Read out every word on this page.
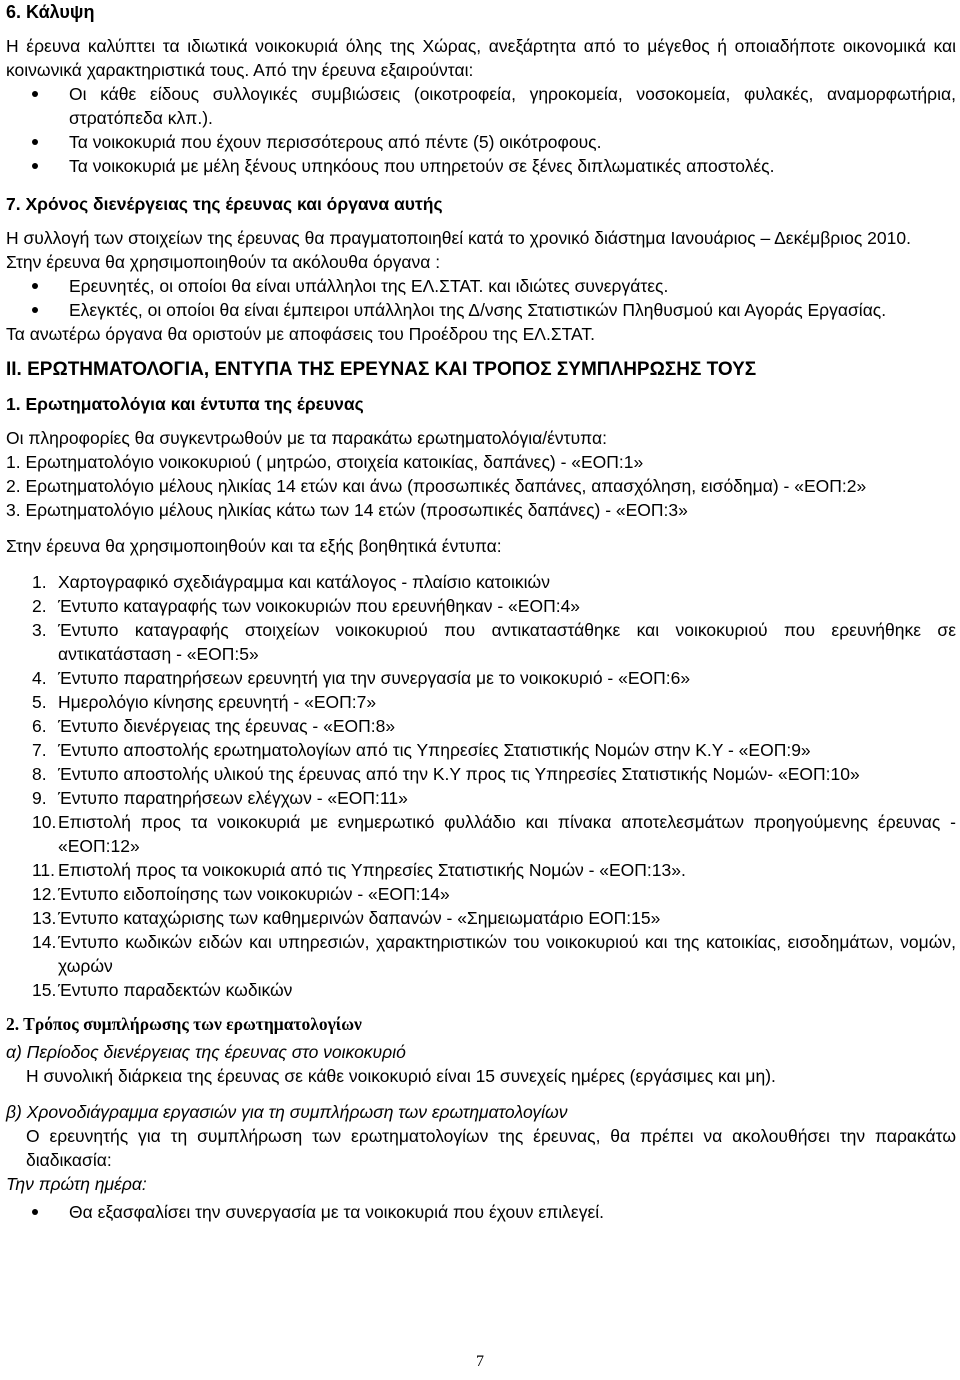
6. Κάλυψη

Η έρευνα καλύπτει τα ιδιωτικά νοικοκυριά όλης της Χώρας, ανεξάρτητα από το μέγεθος ή οποιαδήποτε οικονομικά και κοινωνικά χαρακτηριστικά τους. Από την έρευνα εξαιρούνται:

Οι κάθε είδους συλλογικές συμβιώσεις (οικοτροφεία, γηροκομεία, νοσοκομεία, φυλακές, αναμορφωτήρια, στρατόπεδα κλπ.).
Τα νοικοκυριά που έχουν περισσότερους από πέντε (5) οικότροφους.
Τα νοικοκυριά με μέλη ξένους υπηκόους που υπηρετούν σε ξένες διπλωματικές αποστολές.
7. Χρόνος διενέργειας της έρευνας και όργανα αυτής

Η συλλογή των στοιχείων της έρευνας θα πραγματοποιηθεί κατά το χρονικό διάστημα Ιανουάριος – Δεκέμβριος 2010.

Στην έρευνα θα χρησιμοποιηθούν τα ακόλουθα όργανα :

Ερευνητές, οι οποίοι θα είναι υπάλληλοι της ΕΛ.ΣΤΑΤ. και ιδιώτες συνεργάτες.
Ελεγκτές, οι οποίοι θα είναι έμπειροι υπάλληλοι της Δ/νσης Στατιστικών Πληθυσμού και Αγοράς Εργασίας.

Τα ανωτέρω όργανα θα οριστούν με αποφάσεις του Προέδρου της ΕΛ.ΣΤΑΤ.

ΙΙ. ΕΡΩΤΗΜΑΤΟΛΟΓΙΑ, ΕΝΤΥΠΑ ΤΗΣ ΕΡΕΥΝΑΣ ΚΑΙ ΤΡΟΠΟΣ ΣΥΜΠΛΗΡΩΣΗΣ ΤΟΥΣ
1. Ερωτηματολόγια και έντυπα της έρευνας

Οι πληροφορίες θα συγκεντρωθούν με τα παρακάτω ερωτηματολόγια/έντυπα:

1. Ερωτηματολόγιο νοικοκυριού ( μητρώο, στοιχεία κατοικίας, δαπάνες) - «ΕΟΠ:1»

2. Ερωτηματολόγιο μέλους ηλικίας 14 ετών και άνω (προσωπικές δαπάνες, απασχόληση, εισόδημα) - «ΕΟΠ:2»

3. Ερωτηματολόγιο μέλους ηλικίας κάτω των 14 ετών (προσωπικές δαπάνες) - «ΕΟΠ:3»

Στην έρευνα θα χρησιμοποιηθούν και τα εξής βοηθητικά έντυπα:

1. Χαρτογραφικό σχεδιάγραμμα και κατάλογος - πλαίσιο κατοικιών
2. Έντυπο καταγραφής των νοικοκυριών που ερευνήθηκαν - «ΕΟΠ:4»
3. Έντυπο καταγραφής στοιχείων νοικοκυριού που αντικαταστάθηκε και νοικοκυριού που ερευνήθηκε σε αντικατάσταση - «ΕΟΠ:5»
4. Έντυπο παρατηρήσεων ερευνητή για την συνεργασία με το νοικοκυριό - «ΕΟΠ:6»
5. Ημερολόγιο κίνησης ερευνητή - «ΕΟΠ:7»
6. Έντυπο διενέργειας της έρευνας - «ΕΟΠ:8»
7. Έντυπο αποστολής ερωτηματολογίων από τις Υπηρεσίες Στατιστικής Νομών στην Κ.Υ - «ΕΟΠ:9»
8. Έντυπο αποστολής υλικού της έρευνας από την Κ.Υ προς τις Υπηρεσίες Στατιστικής Νομών- «ΕΟΠ:10»
9. Έντυπο παρατηρήσεων ελέγχων - «ΕΟΠ:11»
10. Επιστολή προς τα νοικοκυριά με ενημερωτικό φυλλάδιο και πίνακα αποτελεσμάτων προηγούμενης έρευνας - «ΕΟΠ:12»
11. Επιστολή προς τα νοικοκυριά από τις Υπηρεσίες Στατιστικής Νομών - «ΕΟΠ:13».
12. Έντυπο ειδοποίησης των νοικοκυριών - «ΕΟΠ:14»
13. Έντυπο καταχώρισης των καθημερινών δαπανών - «Σημειωματάριο ΕΟΠ:15»
14. Έντυπο κωδικών ειδών και υπηρεσιών, χαρακτηριστικών του νοικοκυριού και της κατοικίας, εισοδημάτων, νομών, χωρών
15. Έντυπο παραδεκτών κωδικών
2. Τρόπος συμπλήρωσης των ερωτηματολογίων

α) Περίοδος διενέργειας της έρευνας στο νοικοκυριό

Η συνολική διάρκεια της έρευνας σε κάθε νοικοκυριό είναι 15 συνεχείς ημέρες (εργάσιμες και μη).

β) Χρονοδιάγραμμα εργασιών για τη συμπλήρωση των ερωτηματολογίων

Ο ερευνητής για τη συμπλήρωση των ερωτηματολογίων της έρευνας, θα πρέπει να ακολουθήσει την παρακάτω διαδικασία:

Την πρώτη ημέρα:

Θα εξασφαλίσει την συνεργασία με τα νοικοκυριά που έχουν επιλεγεί.
7
